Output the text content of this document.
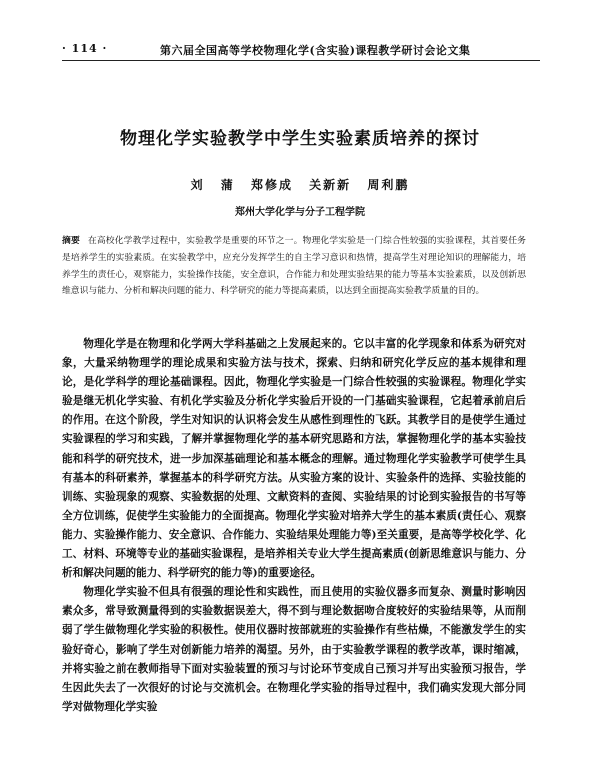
· 114 ·	第六届全国高等学校物理化学(含实验)课程教学研讨会论文集
物理化学实验教学中学生实验素质培养的探讨
刘 蒲 郑修成 关新新 周利鹏
郑州大学化学与分子工程学院
摘要 在高校化学教学过程中，实验教学是重要的环节之一。物理化学实验是一门综合性较强的实验课程，其首要任务是培养学生的实验素质。在实验教学中，应充分发挥学生的自主学习意识和热情，提高学生对理论知识的理解能力，培养学生的责任心，观察能力，实验操作技能，安全意识，合作能力和处理实验结果的能力等基本实验素质，以及创新思维意识与能力、分析和解决问题的能力、科学研究的能力等提高素质，以达到全面提高实验教学质量的目的。

物理化学是在物理和化学两大学科基础之上发展起来的。它以丰富的化学现象和体系为研究对象，大量采纳物理学的理论成果和实验方法与技术，探索、归纳和研究化学反应的基本规律和理论，是化学科学的理论基础课程。因此，物理化学实验是一门综合性较强的实验课程。物理化学实验是继无机化学实验、有机化学实验及分析化学实验后开设的一门基础实验课程，它起着承前启后的作用。在这个阶段，学生对知识的认识将会发生从感性到理性的飞跃。其教学目的是使学生通过实验课程的学习和实践，了解并掌握物理化学的基本研究思路和方法，掌握物理化学的基本实验技能和科学的研究技术，进一步加深基础理论和基本概念的理解。通过物理化学实验教学可使学生具有基本的科研素养，掌握基本的科学研究方法。从实验方案的设计、实验条件的选择、实验技能的训练、实验现象的观察、实验数据的处理、文献资料的查阅、实验结果的讨论到实验报告的书写等全方位训练，促使学生实验能力的全面提高。物理化学实验对培养大学生的基本素质(责任心、观察能力、实验操作能力、安全意识、合作能力、实验结果处理能力等)至关重要，是高等学校化学、化工、材料、环境等专业的基础实验课程，是培养相关专业大学生提高素质(创新思维意识与能力、分析和解决问题的能力、科学研究的能力等)的重要途径。

物理化学实验不但具有很强的理论性和实践性，而且使用的实验仪器多而复杂、测量时影响因素众多，常导致测量得到的实验数据误差大，得不到与理论数据吻合度较好的实验结果等，从而削弱了学生做物理化学实验的积极性。使用仪器时按部就班的实验操作有些枯燥，不能激发学生的实验好奇心，影响了学生对创新能力培养的渴望。另外，由于实验教学课程的教学改革，课时缩减，并将实验之前在教师指导下面对实验装置的预习与讨论环节变成自己预习并写出实验预习报告，学生因此失去了一次很好的讨论与交流机会。在物理化学实验的指导过程中，我们确实发现大部分同学对做物理化学实验
